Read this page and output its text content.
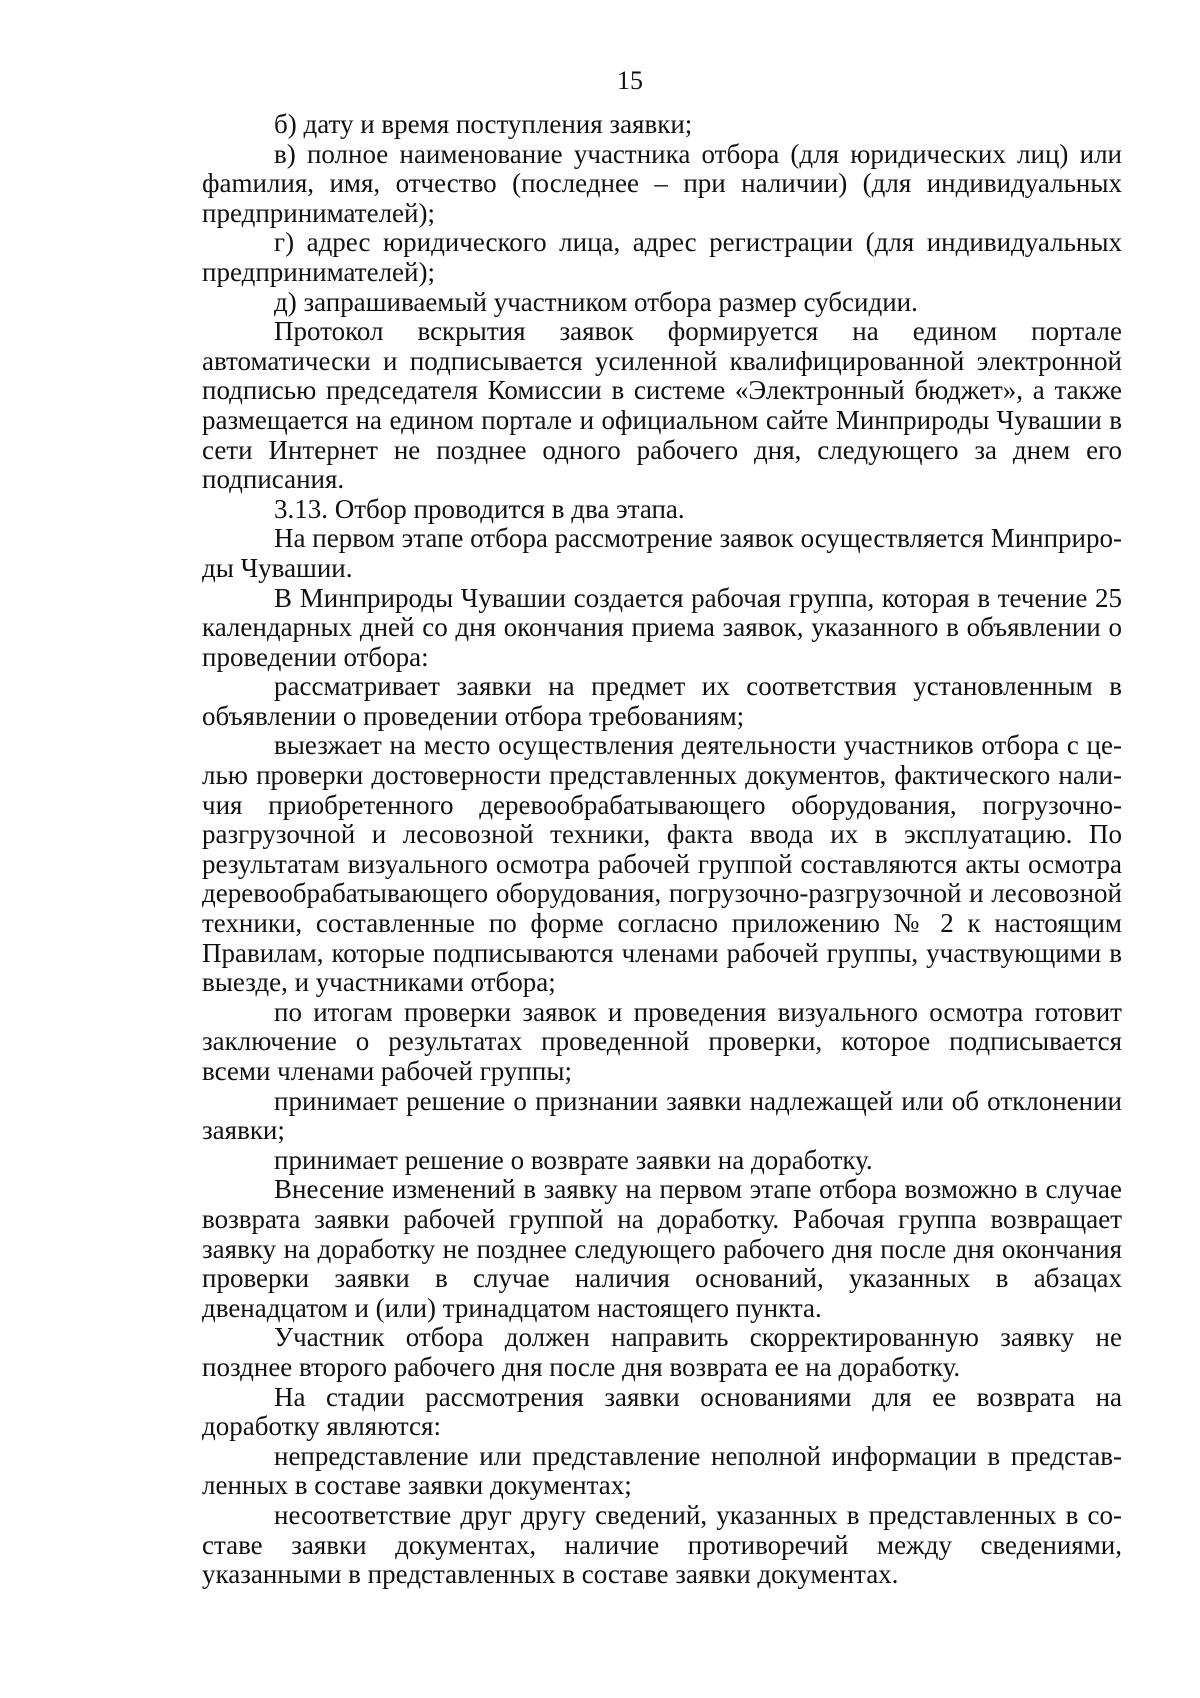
15

б) дату и время поступления заявки;

в) полное наименование участника отбора (для юридических лиц) или фаmилия, имя, отчество (последнее – при наличии) (для индивидуальных предпринимателей);

г) адрес юридического лица, адрес регистрации (для индивидуальных предпринимателей);

д) запрашиваемый участником отбора размер субсидии.

Протокол вскрытия заявок формируется на едином портале автоматически и подписывается усиленной квалифицированной электронной подписью председателя Комиссии в системе «Электронный бюджет», а также размещается на едином портале и официальном сайте Минприроды Чувашии в сети Интернет не позднее одного рабочего дня, следующего за днем его подписания.

3.13. Отбор проводится в два этапа.

На первом этапе отбора рассмотрение заявок осуществляется Минприроды Чувашии.

В Минприроды Чувашии создается рабочая группа, которая в течение 25 календарных дней со дня окончания приема заявок, указанного в объявлении о проведении отбора:

рассматривает заявки на предмет их соответствия установленным в объявлении о проведении отбора требованиям;

выезжает на место осуществления деятельности участников отбора с целью проверки достоверности представленных документов, фактического наличия приобретенного деревообрабатывающего оборудования, погрузочно-разгрузочной и лесовозной техники, факта ввода их в эксплуатацию. По результатам визуального осмотра рабочей группой составляются акты осмотра деревообрабатывающего оборудования, погрузочно-разгрузочной и лесовозной техники, составленные по форме согласно приложению № 2 к настоящим Правилам, которые подписываются членами рабочей группы, участвующими в выезде, и участниками отбора;

по итогам проверки заявок и проведения визуального осмотра готовит заключение о результатах проведенной проверки, которое подписывается всеми членами рабочей группы;

принимает решение о признании заявки надлежащей или об отклонении заявки;

принимает решение о возврате заявки на доработку.

Внесение изменений в заявку на первом этапе отбора возможно в случае возврата заявки рабочей группой на доработку. Рабочая группа возвращает заявку на доработку не позднее следующего рабочего дня после дня окончания проверки заявки в случае наличия оснований, указанных в абзацах двенадцатом и (или) тринадцатом настоящего пункта.

Участник отбора должен направить скорректированную заявку не позднее второго рабочего дня после дня возврата ее на доработку.

На стадии рассмотрения заявки основаниями для ее возврата на доработку являются:

непредставление или представление неполной информации в представленных в составе заявки документах;

несоответствие друг другу сведений, указанных в представленных в составе заявки документах, наличие противоречий между сведениями, указанными в представленных в составе заявки документах.
